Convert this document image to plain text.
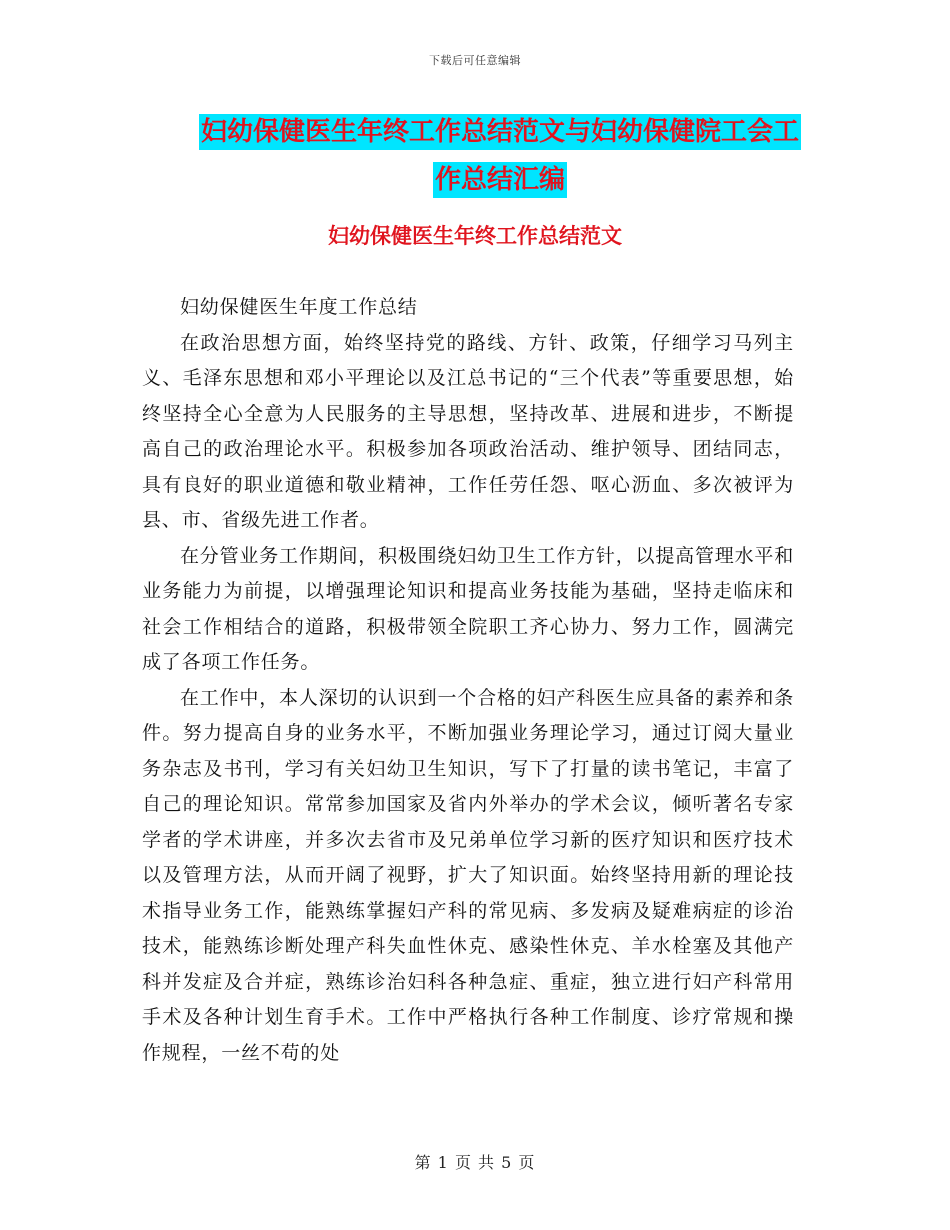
下载后可任意编辑
妇幼保健医生年终工作总结范文与妇幼保健院工会工
作总结汇编
妇幼保健医生年终工作总结范文

妇幼保健医生年度工作总结

在政治思想方面，始终坚持党的路线、方针、政策，仔细学习马列主义、毛泽东思想和邓小平理论以及江总书记的“三个代表”等重要思想，始终坚持全心全意为人民服务的主导思想，坚持改革、进展和进步，不断提高自己的政治理论水平。积极参加各项政治活动、维护领导、团结同志，具有良好的职业道德和敬业精神，工作任劳任怨、呕心沥血、多次被评为县、市、省级先进工作者。

在分管业务工作期间，积极围绕妇幼卫生工作方针，以提高管理水平和业务能力为前提，以增强理论知识和提高业务技能为基础，坚持走临床和社会工作相结合的道路，积极带领全院职工齐心协力、努力工作，圆满完成了各项工作任务。

在工作中，本人深切的认识到一个合格的妇产科医生应具备的素养和条件。努力提高自身的业务水平，不断加强业务理论学习，通过订阅大量业务杂志及书刊，学习有关妇幼卫生知识，写下了打量的读书笔记，丰富了自己的理论知识。常常参加国家及省内外举办的学术会议，倾听著名专家学者的学术讲座，并多次去省市及兄弟单位学习新的医疗知识和医疗技术以及管理方法，从而开阔了视野，扩大了知识面。始终坚持用新的理论技术指导业务工作，能熟练掌握妇产科的常见病、多发病及疑难病症的诊治技术，能熟练诊断处理产科失血性休克、感染性休克、羊水栓塞及其他产科并发症及合并症，熟练诊治妇科各种急症、重症，独立进行妇产科常用手术及各种计划生育手术。工作中严格执行各种工作制度、诊疗常规和操作规程，一丝不苟的处

第 1 页 共 5 页
